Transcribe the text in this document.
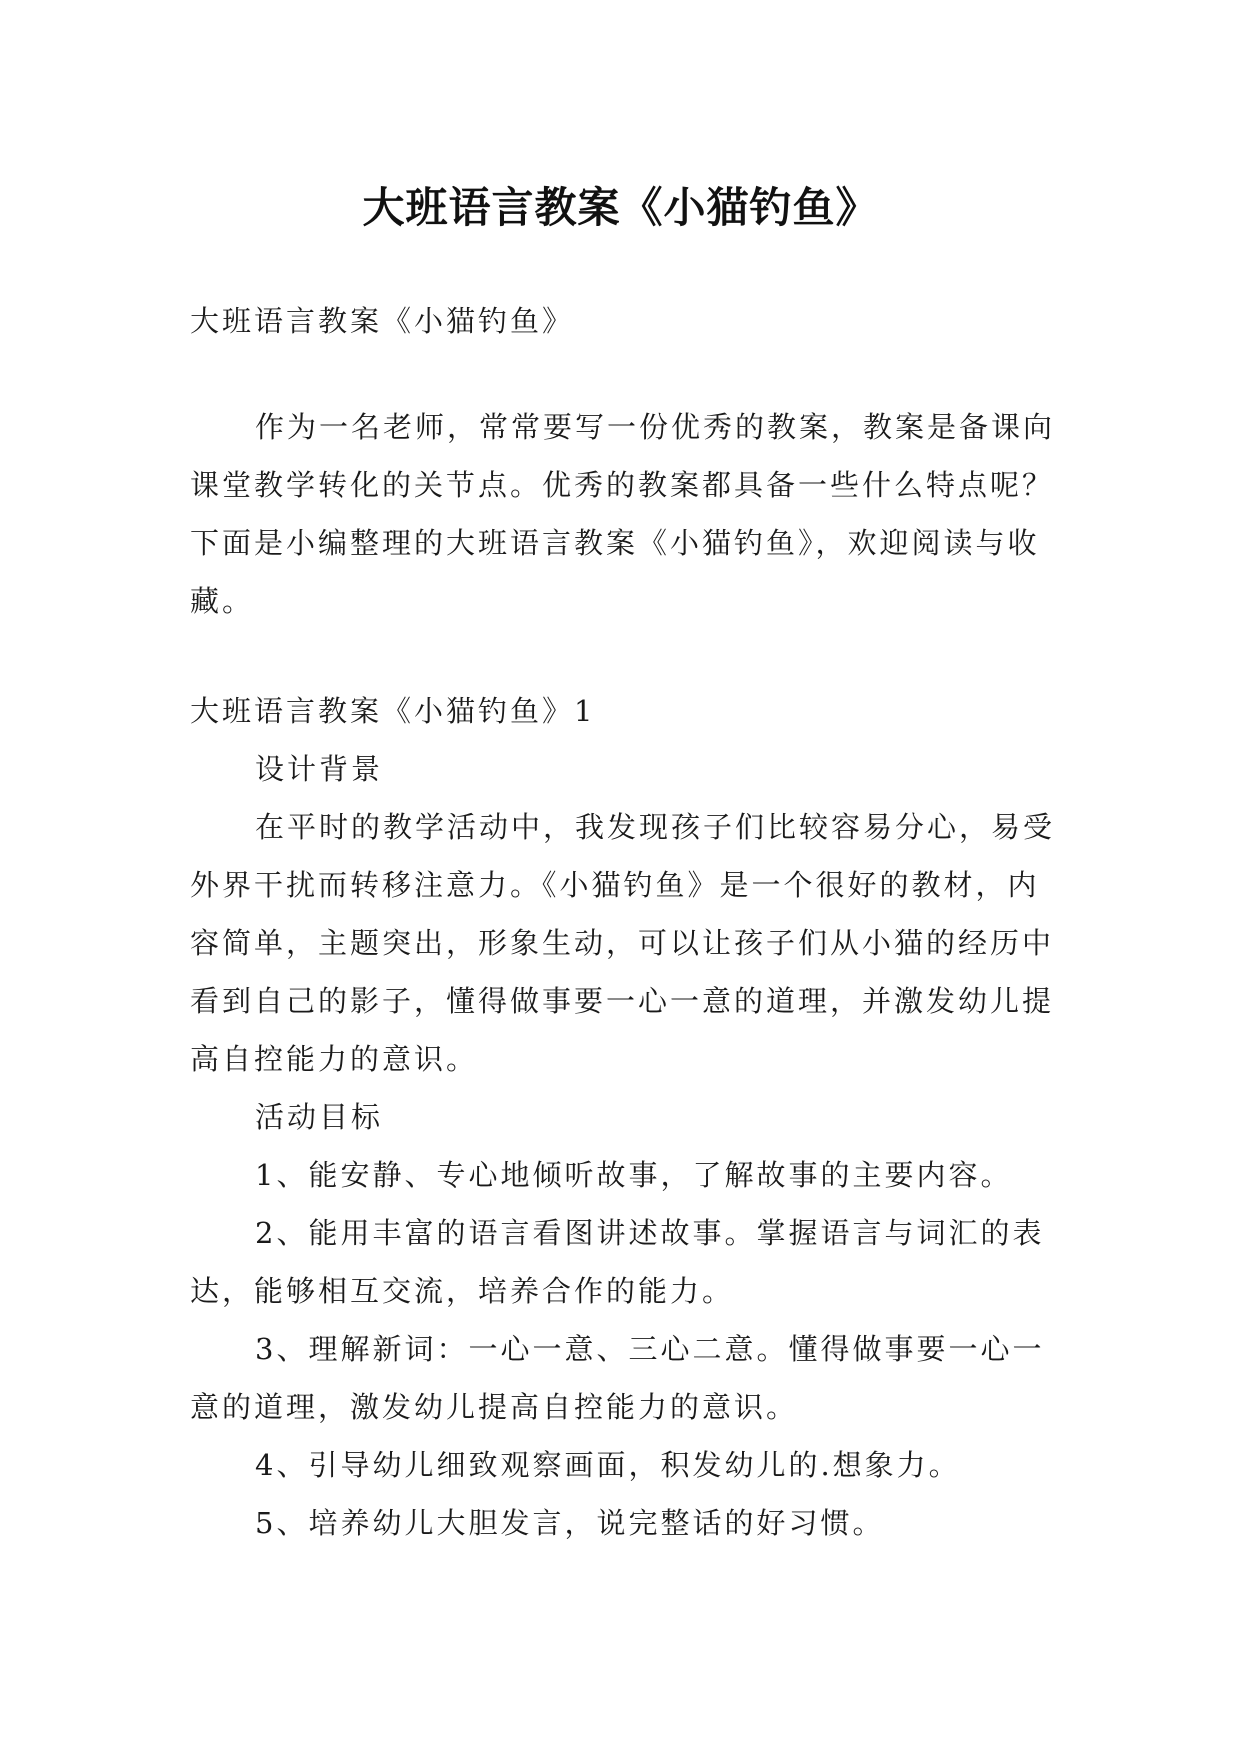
大班语言教案《小猫钓鱼》

大班语言教案《小猫钓鱼》

作为一名老师，常常要写一份优秀的教案，教案是备课向课堂教学转化的关节点。优秀的教案都具备一些什么特点呢？下面是小编整理的大班语言教案《小猫钓鱼》，欢迎阅读与收藏。

大班语言教案《小猫钓鱼》1

设计背景

在平时的教学活动中，我发现孩子们比较容易分心，易受外界干扰而转移注意力。《小猫钓鱼》是一个很好的教材，内容简单，主题突出，形象生动，可以让孩子们从小猫的经历中看到自己的影子，懂得做事要一心一意的道理，并激发幼儿提高自控能力的意识。

活动目标

1、能安静、专心地倾听故事，了解故事的主要内容。

2、能用丰富的语言看图讲述故事。掌握语言与词汇的表达，能够相互交流，培养合作的能力。

3、理解新词：一心一意、三心二意。懂得做事要一心一意的道理，激发幼儿提高自控能力的意识。

4、引导幼儿细致观察画面，积发幼儿的.想象力。

5、培养幼儿大胆发言，说完整话的好习惯。
